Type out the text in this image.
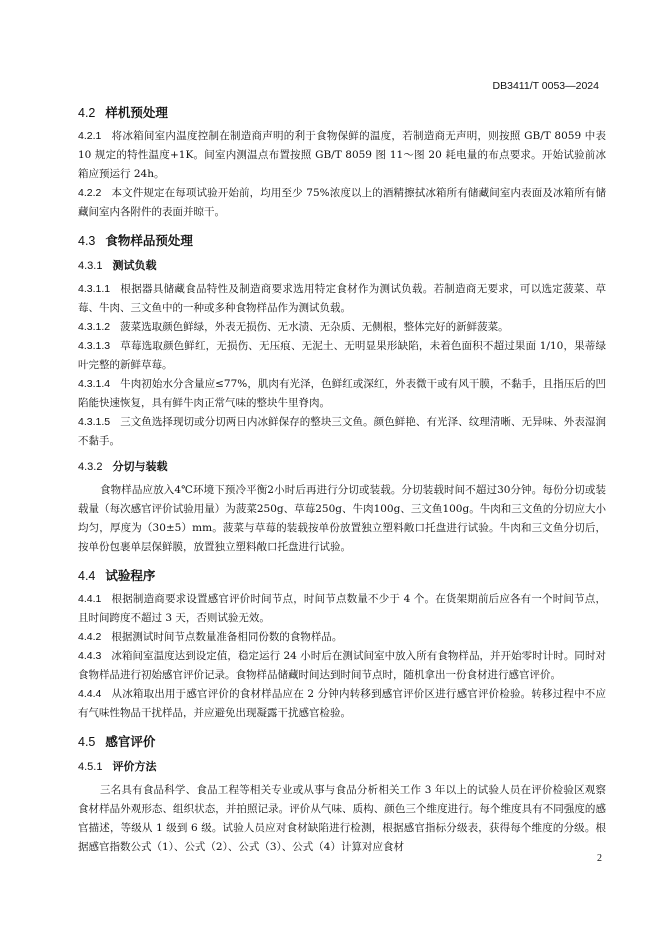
DB3411/T 0053—2024
4.2 样机预处理

4.2.1 将冰箱间室内温度控制在制造商声明的利于食物保鲜的温度，若制造商无声明，则按照 GB/T 8059 中表 10 规定的特性温度+1K。间室内测温点布置按照 GB/T 8059 图 11～图 20 耗电量的布点要求。开始试验前冰箱应预运行 24h。

4.2.2 本文件规定在每项试验开始前，均用至少 75%浓度以上的酒精擦拭冰箱所有储藏间室内表面及冰箱所有储藏间室内各附件的表面并晾干。

4.3 食物样品预处理
4.3.1 测试负载

4.3.1.1 根据器具储藏食品特性及制造商要求选用特定食材作为测试负载。若制造商无要求，可以选定菠菜、草莓、牛肉、三文鱼中的一种或多种食物样品作为测试负载。

4.3.1.2 菠菜选取颜色鲜绿，外表无损伤、无水渍、无杂质、无侧根，整体完好的新鲜菠菜。

4.3.1.3 草莓选取颜色鲜红，无损伤、无压痕、无泥土、无明显果形缺陷，未着色面积不超过果面 1/10，果蒂绿叶完整的新鲜草莓。

4.3.1.4 牛肉初始水分含量应≤77%，肌肉有光泽，色鲜红或深红，外表微干或有风干膜，不黏手，且指压后的凹陷能快速恢复，具有鲜牛肉正常气味的整块牛里脊肉。

4.3.1.5 三文鱼选择现切或分切两日内冰鲜保存的整块三文鱼。颜色鲜艳、有光泽、纹理清晰、无异味、外表湿润不黏手。

4.3.2 分切与装载

食物样品应放入4℃环境下预冷平衡2小时后再进行分切或装载。分切装载时间不超过30分钟。每份分切或装载量（每次感官评价试验用量）为菠菜250g、草莓250g、牛肉100g、三文鱼100g。牛肉和三文鱼的分切应大小均匀，厚度为（30±5）mm。菠菜与草莓的装载按单份放置独立塑料敞口托盘进行试验。牛肉和三文鱼分切后，按单份包裹单层保鲜膜，放置独立塑料敞口托盘进行试验。

4.4 试验程序

4.4.1 根据制造商要求设置感官评价时间节点，时间节点数量不少于 4 个。在货架期前后应各有一个时间节点，且时间跨度不超过 3 天，否则试验无效。

4.4.2 根据测试时间节点数量准备相同份数的食物样品。

4.4.3 冰箱间室温度达到设定值，稳定运行 24 小时后在测试间室中放入所有食物样品，并开始零时计时。同时对食物样品进行初始感官评价记录。食物样品储藏时间达到时间节点时，随机拿出一份食材进行感官评价。

4.4.4 从冰箱取出用于感官评价的食材样品应在 2 分钟内转移到感官评价区进行感官评价检验。转移过程中不应有气味性物品干扰样品，并应避免出现凝露干扰感官检验。

4.5 感官评价
4.5.1 评价方法

三名具有食品科学、食品工程等相关专业或从事与食品分析相关工作 3 年以上的试验人员在评价检验区观察食材样品外观形态、组织状态，并拍照记录。评价从气味、质构、颜色三个维度进行。每个维度具有不同强度的感官描述，等级从 1 级到 6 级。试验人员应对食材缺陷进行检测，根据感官指标分级表，获得每个维度的分级。根据感官指数公式（1）、公式（2）、公式（3）、公式（4）计算对应食材

2
